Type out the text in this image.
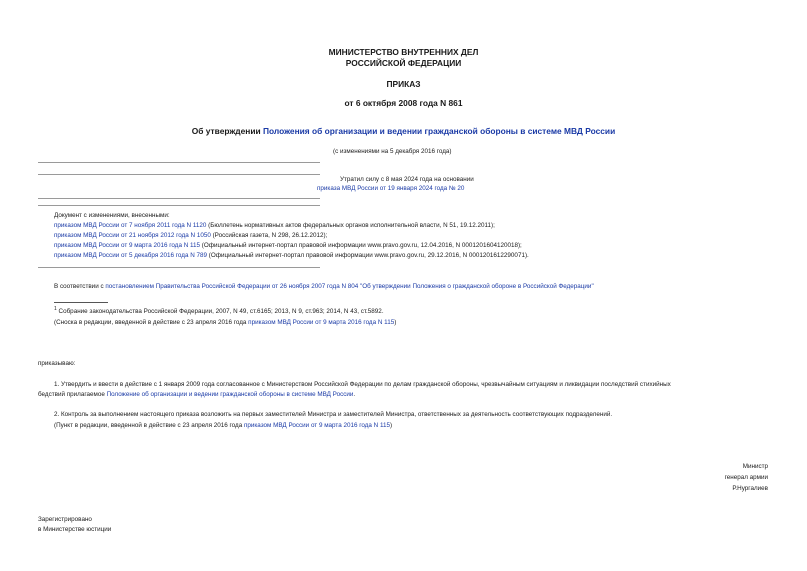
МИНИСТЕРСТВО ВНУТРЕННИХ ДЕЛ
РОССИЙСКОЙ ФЕДЕРАЦИИ
ПРИКАЗ
от 6 октября 2008 года N 861
Об утверждении Положения об организации и ведении гражданской обороны в системе МВД России
(с изменениями на 5 декабря 2016 года)
Утратил силу с 8 мая 2024 года на основании
приказа МВД России от 19 января 2024 года № 20
Документ с изменениями, внесенными:
приказом МВД России от 7 ноября 2011 года N 1120 (Бюллетень нормативных актов федеральных органов исполнительной власти, N 51, 19.12.2011);
приказом МВД России от 21 ноября 2012 года N 1050 (Российская газета, N 298, 26.12.2012);
приказом МВД России от 9 марта 2016 года N 115 (Официальный интернет-портал правовой информации www.pravo.gov.ru, 12.04.2016, N 0001201604120018);
приказом МВД России от 5 декабря 2016 года N 789 (Официальный интернет-портал правовой информации www.pravo.gov.ru, 29.12.2016, N 0001201612290071).
В соответствии с постановлением Правительства Российской Федерации от 26 ноября 2007 года N 804 "Об утверждении Положения о гражданской обороне в Российской Федерации"
$^1$ Собрание законодательства Российской Федерации, 2007, N 49, ст.6165; 2013, N 9, ст.963; 2014, N 43, ст.5892.
(Сноска в редакции, введенной в действие с 23 апреля 2016 года приказом МВД России от 9 марта 2016 года N 115)
приказываю:
1. Утвердить и ввести в действие с 1 января 2009 года согласованное с Министерством Российской Федерации по делам гражданской обороны, чрезвычайным ситуациям и ликвидации последствий стихийных
бедствий прилагаемое Положение об организации и ведении гражданской обороны в системе МВД России.
2. Контроль за выполнением настоящего приказа возложить на первых заместителей Министра и заместителей Министра, ответственных за деятельность соответствующих подразделений.
(Пункт в редакции, введенной в действие с 23 апреля 2016 года приказом МВД России от 9 марта 2016 года N 115)
Министр
генерал армии
Р.Нургалиев
Зарегистрировано
в Министерстве юстиции
